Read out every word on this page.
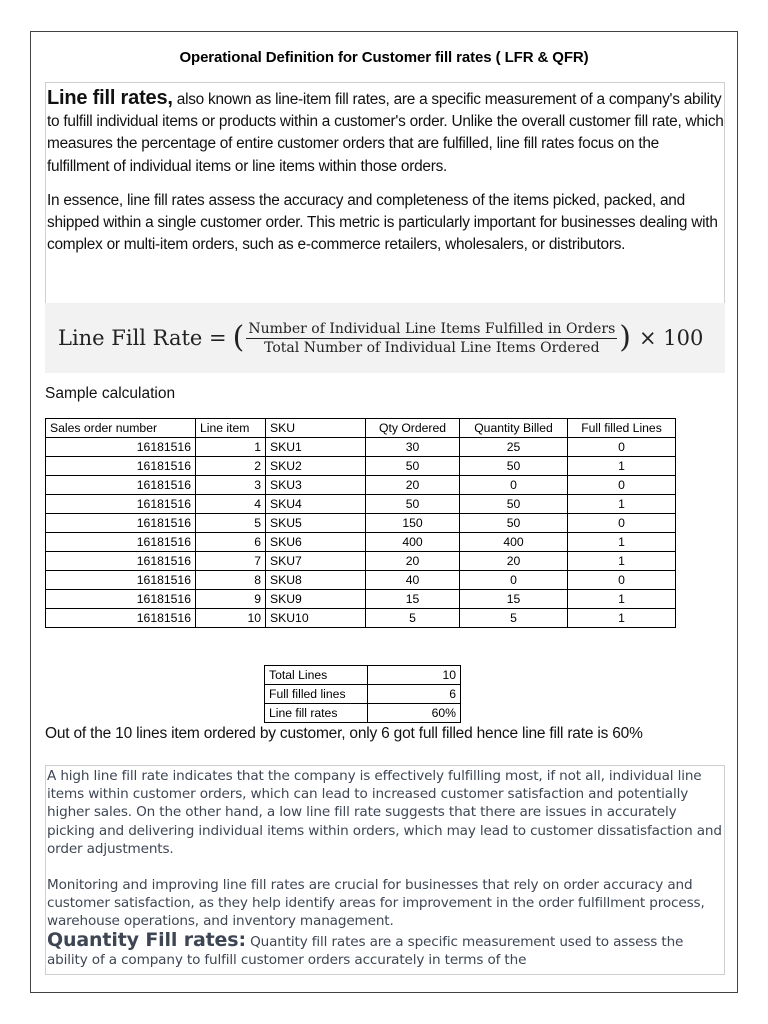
Operational Definition for Customer fill rates ( LFR & QFR)

Line fill rates, also known as line-item fill rates, are a specific measurement of a company's ability to fulfill individual items or products within a customer's order. Unlike the overall customer fill rate, which measures the percentage of entire customer orders that are fulfilled, line fill rates focus on the fulfillment of individual items or line items within those orders.

In essence, line fill rates assess the accuracy and completeness of the items picked, packed, and shipped within a single customer order. This metric is particularly important for businesses dealing with complex or multi-item orders, such as e-commerce retailers, wholesalers, or distributors.

Line Fill Rate = ( $\frac{\text{Number of Individual Line Items Fulfilled in Orders}}{\text{Total Number of Individual Line Items Ordered}}$ ) × 100
Sample calculation
Sales order number	Line item	SKU	Qty Ordered	Quantity Billed	Full filled Lines
16181516	1	SKU1	30	25	0
16181516	2	SKU2	50	50	1
16181516	3	SKU3	20	0	0
16181516	4	SKU4	50	50	1
16181516	5	SKU5	150	50	0
16181516	6	SKU6	400	400	1
16181516	7	SKU7	20	20	1
16181516	8	SKU8	40	0	0
16181516	9	SKU9	15	15	1
16181516	10	SKU10	5	5	1
Total Lines	10
Full filled lines	6
Line fill rates	60%
Out of the 10 lines item ordered by customer, only 6 got full filled hence line fill rate is 60%

A high line fill rate indicates that the company is effectively fulfilling most, if not all, individual line items within customer orders, which can lead to increased customer satisfaction and potentially higher sales. On the other hand, a low line fill rate suggests that there are issues in accurately picking and delivering individual items within orders, which may lead to customer dissatisfaction and order adjustments.

Monitoring and improving line fill rates are crucial for businesses that rely on order accuracy and customer satisfaction, as they help identify areas for improvement in the order fulfillment process, warehouse operations, and inventory management.

Quantity Fill rates: Quantity fill rates are a specific measurement used to assess the ability of a company to fulfill customer orders accurately in terms of the
